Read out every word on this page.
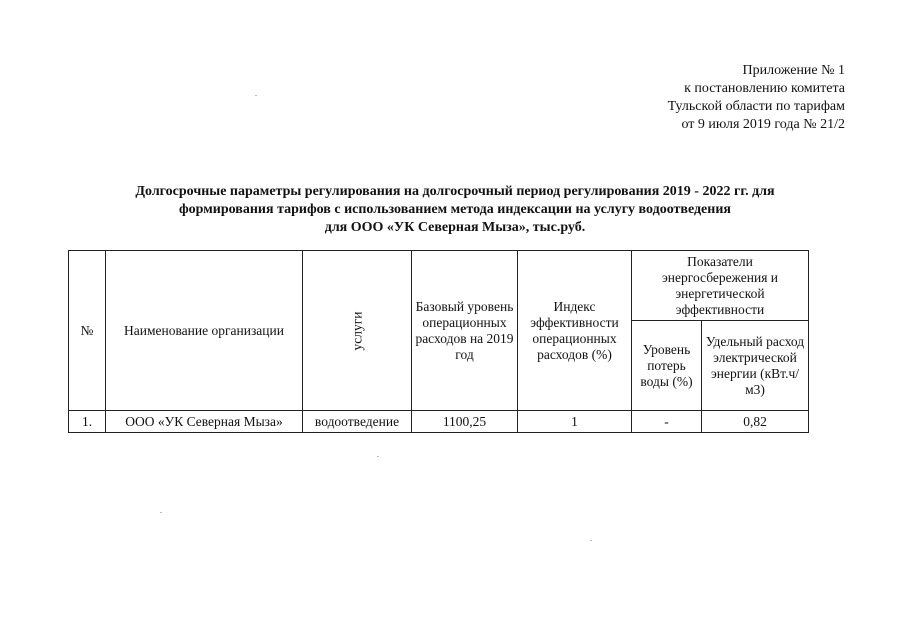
Приложение № 1
к постановлению комитета
Тульской области по тарифам
от 9 июля 2019 года № 21/2
Долгосрочные параметры регулирования на долгосрочный период регулирования 2019 - 2022 гг. для
формирования тарифов с использованием метода индексации на услугу водоотведения
для ООО «УК Северная Мыза», тыс.руб.
№	Наименование организации	услуги	Базовый уровень операционных расходов на 2019 год	Индекс эффективности операционных расходов (%)	Показатели энергосбережения и энергетической эффективности	
					Уровень потерь воды (%)	Удельный расход электрической энергии (кВт.ч/м3)
1.	ООО «УК Северная Мыза»	водоотведение	1100,25	1	-	0,82
